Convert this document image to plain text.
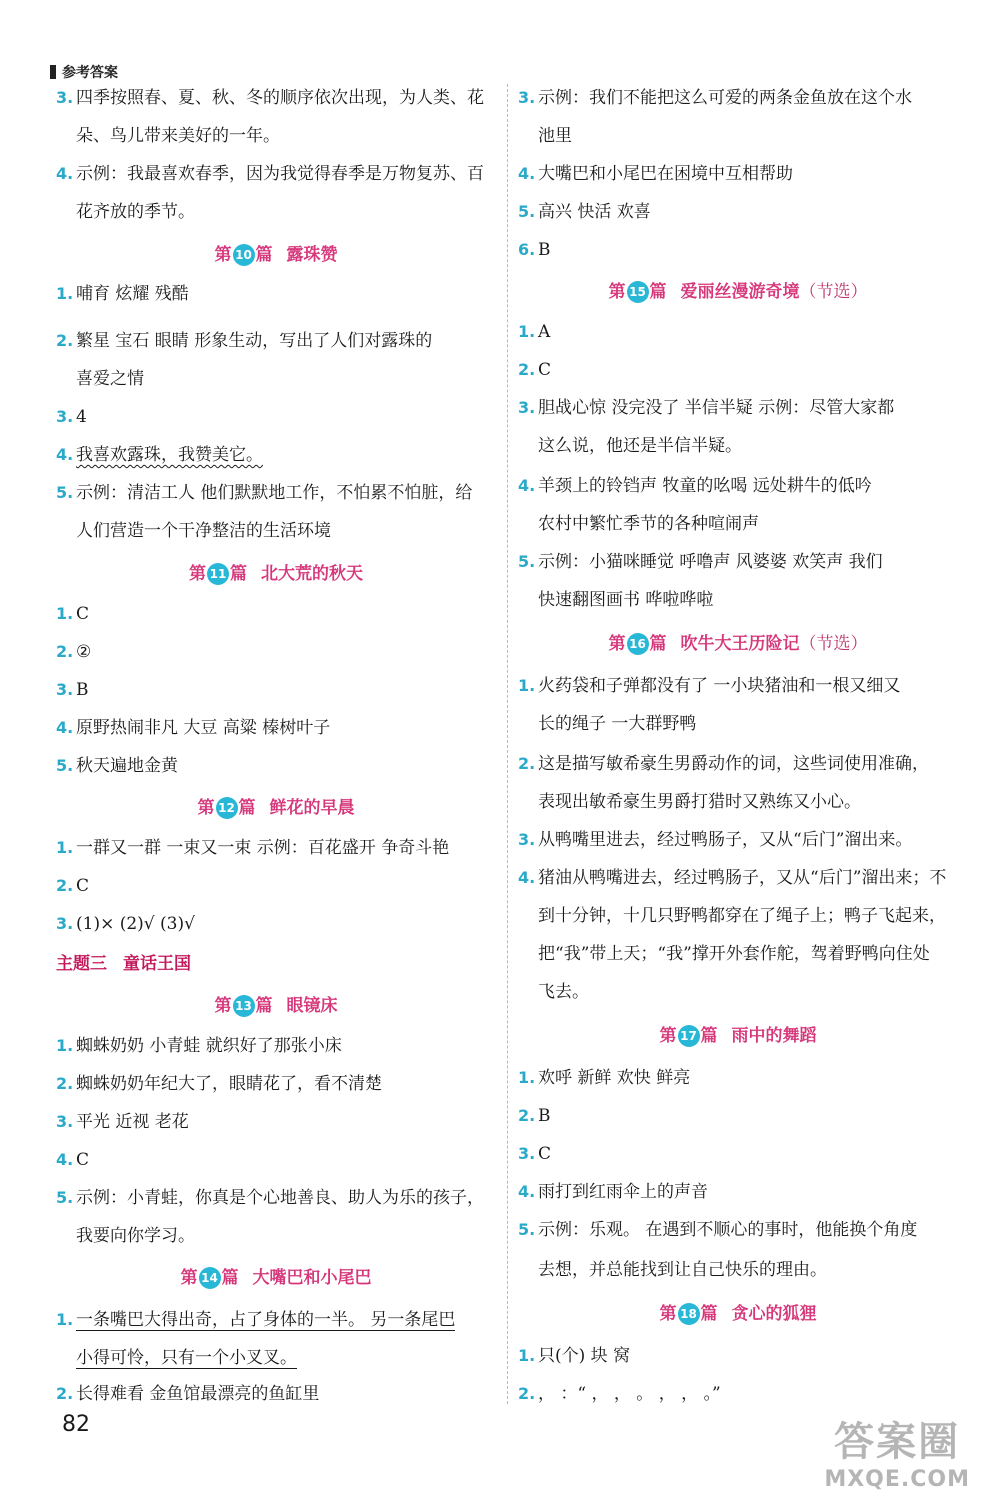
参考答案
3. 四季按照春、夏、秋、冬的顺序依次出现，为人类、花
朵、鸟儿带来美好的一年。
4. 示例：我最喜欢春季，因为我觉得春季是万物复苏、百
花齐放的季节。
第 10 篇 露珠赞
1. 哺育 炫耀 残酷
2. 繁星 宝石 眼睛 形象生动，写出了人们对露珠的
喜爱之情
3. 4
4. 我喜欢露珠，我赞美它。
5. 示例：清洁工人 他们默默地工作，不怕累不怕脏，给
人们营造一个干净整洁的生活环境
第 11 篇 北大荒的秋天
1. C
2. ②
3. B
4. 原野热闹非凡 大豆 高粱 榛树叶子
5. 秋天遍地金黄
第 12 篇 鲜花的早晨
1. 一群又一群 一束又一束 示例：百花盛开 争奇斗艳
2. C
3. (1)× (2)√ (3)√
主题三 童话王国
第 13 篇 眼镜床
1. 蜘蛛奶奶 小青蛙 就织好了那张小床
2. 蜘蛛奶奶年纪大了，眼睛花了，看不清楚
3. 平光 近视 老花
4. C
5. 示例：小青蛙，你真是个心地善良、助人为乐的孩子，
我要向你学习。
第 14 篇 大嘴巴和小尾巴
1. 一条嘴巴大得出奇，占了身体的一半。 另一条尾巴
小得可怜，只有一个小叉叉。
2. 长得难看 金鱼馆最漂亮的鱼缸里
3. 示例：我们不能把这么可爱的两条金鱼放在这个水
池里
4. 大嘴巴和小尾巴在困境中互相帮助
5. 高兴 快活 欢喜
6. B
第 15 篇 爱丽丝漫游奇境（节选）
1. A
2. C
3. 胆战心惊 没完没了 半信半疑 示例：尽管大家都
这么说，他还是半信半疑。
4. 羊颈上的铃铛声 牧童的吆喝 远处耕牛的低吟
农村中繁忙季节的各种喧闹声
5. 示例：小猫咪睡觉 呼噜声 风婆婆 欢笑声 我们
快速翻图画书 哗啦哗啦
第 16 篇 吹牛大王历险记（节选）
1. 火药袋和子弹都没有了 一小块猪油和一根又细又
长的绳子 一大群野鸭
2. 这是描写敏希豪生男爵动作的词，这些词使用准确，
表现出敏希豪生男爵打猎时又熟练又小心。
3. 从鸭嘴里进去，经过鸭肠子，又从“后门”溜出来。
4. 猪油从鸭嘴进去，经过鸭肠子，又从“后门”溜出来；不
到十分钟，十几只野鸭都穿在了绳子上；鸭子飞起来，
把“我”带上天；“我”撑开外套作舵，驾着野鸭向住处
飞去。
第 17 篇 雨中的舞蹈
1. 欢呼 新鲜 欢快 鲜亮
2. B
3. C
4. 雨打到红雨伞上的声音
5. 示例：乐观。 在遇到不顺心的事时，他能换个角度
去想，并总能找到让自己快乐的理由。
第 18 篇 贪心的狐狸
1. 只(个) 块 窝
2. ， ：“ ， ， 。 ， ， 。”
82	答案圈
MXQE.COM
